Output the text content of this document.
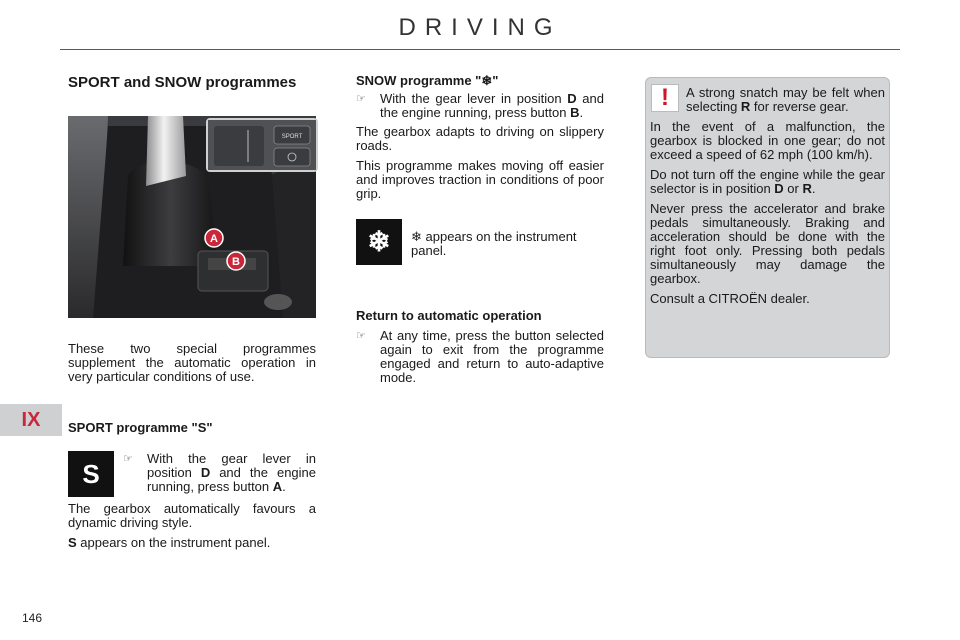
DRIVING
IX
146
SPORT and SNOW programmes
A
B
SPORT

These two special programmes supplement the automatic operation in very particular conditions of use.

SPORT programme "S"
S	☞	With the gear lever in position D and the engine running, press button A.

The gearbox automatically favours a dynamic driving style.

S appears on the instrument panel.

SNOW programme "❄"
☞	With the gear lever in position D and the engine running, press button B.

The gearbox adapts to driving on slippery roads.

This programme makes moving off easier and improves traction in conditions of poor grip.

❄	❄ appears on the instrument panel.

Return to automatic operation
☞	At any time, press the button selected again to exit from the programme engaged and return to auto-adaptive mode.

A strong snatch may be felt when selecting R for reverse gear.

In the event of a malfunction, the gearbox is blocked in one gear; do not exceed a speed of 62 mph (100 km/h).

Do not turn off the engine while the gear selector is in position D or R.

Never press the accelerator and brake pedals simultaneously. Braking and acceleration should be done with the right foot only. Pressing both pedals simultaneously may damage the gearbox.

Consult a CITROËN dealer.

!
